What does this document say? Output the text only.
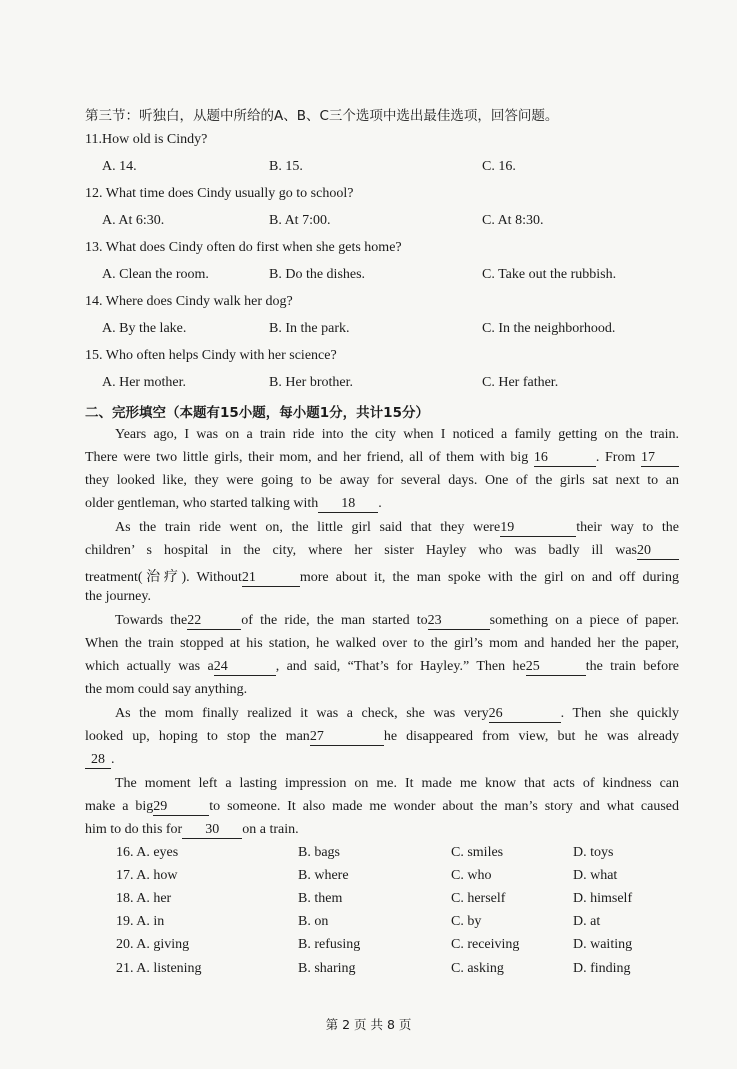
第三节：听独白，从题中所给的A、B、C三个选项中选出最佳选项，回答问题。
11.How old is Cindy?
A. 14.	B. 15.	C. 16.
12. What time does Cindy usually go to school?
A. At 6:30.	B. At 7:00.	C. At 8:30.
13. What does Cindy often do first when she gets home?
A. Clean the room.	B. Do the dishes.	C. Take out the rubbish.
14. Where does Cindy walk her dog?
A. By the lake.	B. In the park.	C. In the neighborhood.
15. Who often helps Cindy with her science?
A. Her mother.	B. Her brother.	C. Her father.
二、完形填空（本题有15小题，每小题1分，共计15分）
Years ago, I was on a train ride into the city when I noticed a family getting on the train.
There were two little girls, their mom, and her friend, all of them with big 16	. From 17
they looked like, they were going to be away for several days. One of the girls sat next to an
older gentleman, who started talking with 18 .
As the train ride went on, the little girl said that they were19	their way to the
children’ s hospital in the city, where her sister Hayley who was badly ill was20
treatment(治疗). Without21	more about it, the man spoke with the girl on and off during
the journey.
Towards the22	of the ride, the man started to23	something on a piece of paper.
When the train stopped at his station, he walked over to the girl’s mom and handed her the paper,
which actually was a24	, and said, “That’s for Hayley.” Then he25	the train before
the mom could say anything.
As the mom finally realized it was a check, she was very26	. Then she quickly
looked up, hoping to stop the man27	he disappeared from view, but he was already
28 .
The moment left a lasting impression on me. It made me know that acts of kindness can
make a big29	to someone. It also made me wonder about the man’s story and what caused
him to do this for 30 on a train.
16. A. eyes	B. bags	C. smiles	D. toys
17. A. how	B. where	C. who	D. what
18. A. her	B. them	C. herself	D. himself
19. A. in	B. on	C. by	D. at
20. A. giving	B. refusing	C. receiving	D. waiting
21. A. listening	B. sharing	C. asking	D. finding
第 2 页 共 8 页
